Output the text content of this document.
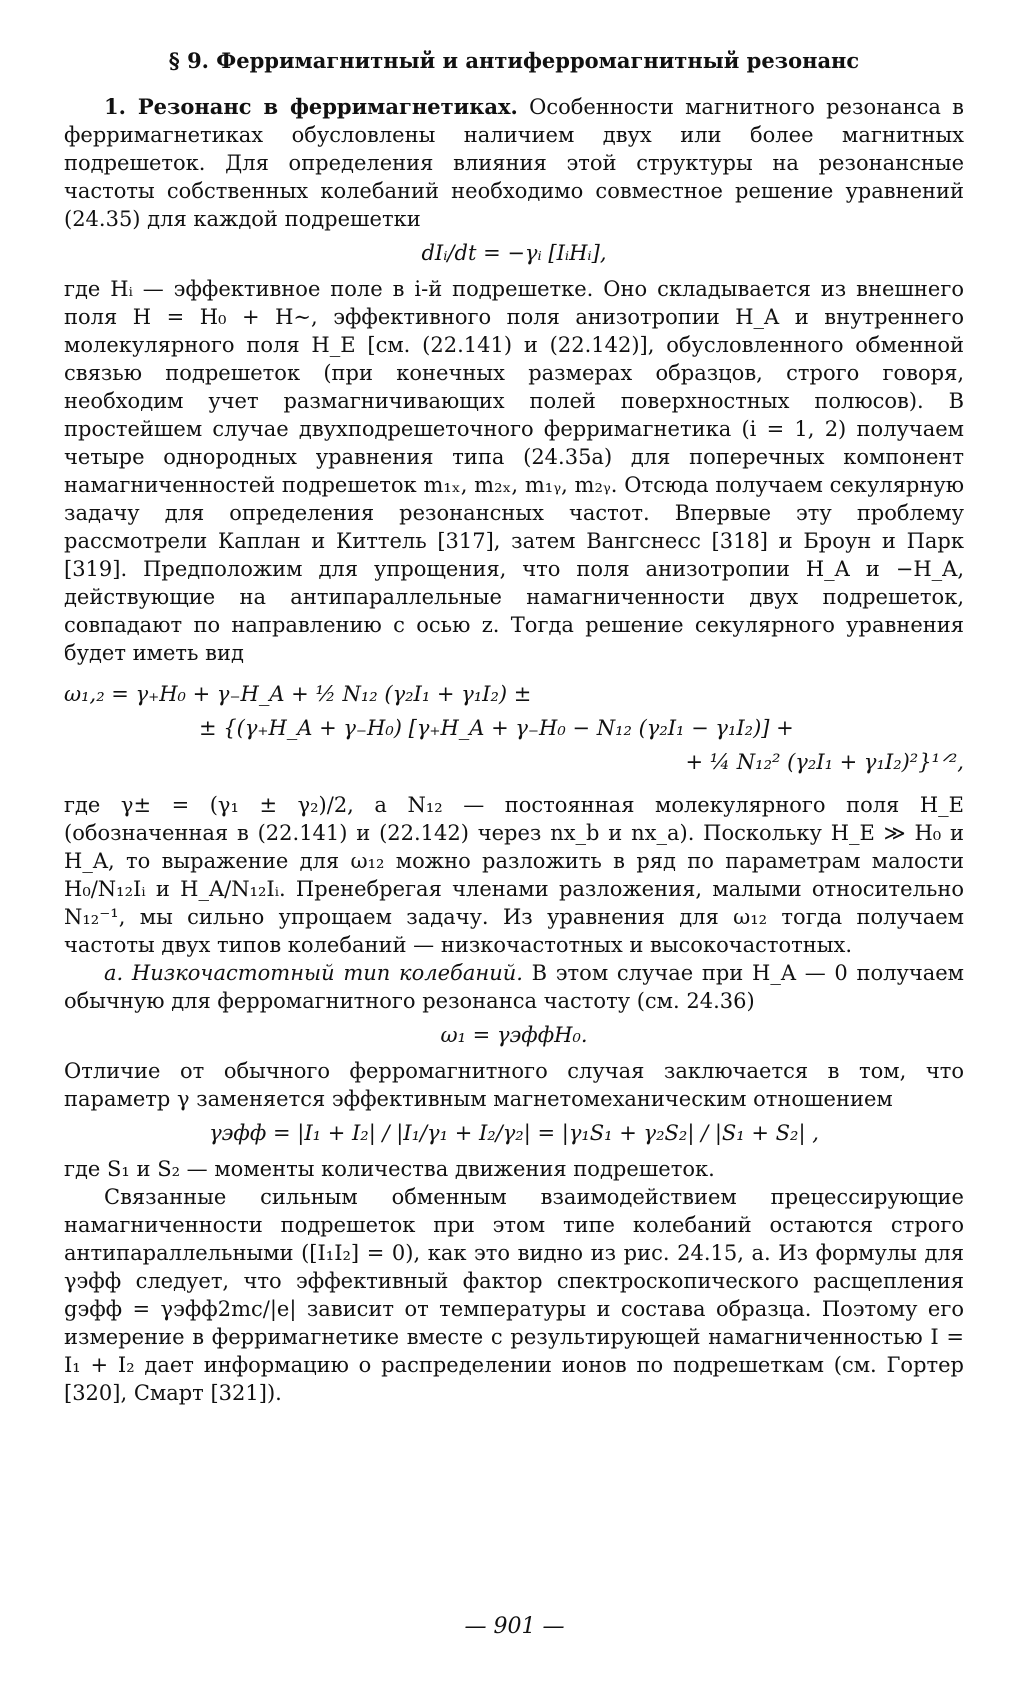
§ 9. Ферримагнитный и антиферромагнитный резонанс

1. Резонанс в ферримагнетиках. Особенности магнитного резонанса в ферримагнетиках обусловлены наличием двух или более магнитных подрешеток. Для определения влияния этой структуры на резонансные частоты собственных колебаний необходимо совместное решение уравнений (24.35) для каждой подрешетки

dIᵢ/dt = −γᵢ [IᵢHᵢ],

где Hᵢ — эффективное поле в i-й подрешетке. Оно складывается из внешнего поля H = H₀ + H∼, эффективного поля анизотропии H_A и внутреннего молекулярного поля H_E [см. (22.141) и (22.142)], обусловленного обменной связью подрешеток (при конечных размерах образцов, строго говоря, необходим учет размагничивающих полей поверхностных полюсов). В простейшем случае двухподрешеточного ферримагнетика (i = 1, 2) получаем четыре однородных уравнения типа (24.35а) для поперечных компонент намагниченностей подрешеток m₁ₓ, m₂ₓ, m₁ᵧ, m₂ᵧ. Отсюда получаем секулярную задачу для определения резонансных частот. Впервые эту проблему рассмотрели Каплан и Киттель [317], затем Вангснесс [318] и Броун и Парк [319]. Предположим для упрощения, что поля анизотропии H_A и −H_A, действующие на антипараллельные намагниченности двух подрешеток, совпадают по направлению с осью z. Тогда решение секулярного уравнения будет иметь вид

ω₁,₂ = γ₊H₀ + γ₋H_A + ½ N₁₂ (γ₂I₁ + γ₁I₂) ±
± {(γ₊H_A + γ₋H₀) [γ₊H_A + γ₋H₀ − N₁₂ (γ₂I₁ − γ₁I₂)] +
+ ¼ N₁₂² (γ₂I₁ + γ₁I₂)²}¹ᐟ²,

где γ± = (γ₁ ± γ₂)/2, а N₁₂ — постоянная молекулярного поля H_E (обозначенная в (22.141) и (22.142) через nx_b и nx_a). Поскольку H_E ≫ H₀ и H_A, то выражение для ω₁₂ можно разложить в ряд по параметрам малости H₀/N₁₂Iᵢ и H_A/N₁₂Iᵢ. Пренебрегая членами разложения, малыми относительно N₁₂⁻¹, мы сильно упрощаем задачу. Из уравнения для ω₁₂ тогда получаем частоты двух типов колебаний — низкочастотных и высокочастотных.

а. Низкочастотный тип колебаний. В этом случае при H_A — 0 получаем обычную для ферромагнитного резонанса частоту (см. 24.36)

ω₁ = γэффH₀.

Отличие от обычного ферромагнитного случая заключается в том, что параметр γ заменяется эффективным магнетомеханическим отношением

γэфф = |I₁ + I₂| / |I₁/γ₁ + I₂/γ₂| = |γ₁S₁ + γ₂S₂| / |S₁ + S₂| ,

где S₁ и S₂ — моменты количества движения подрешеток.

Связанные сильным обменным взаимодействием прецессирующие намагниченности подрешеток при этом типе колебаний остаются строго антипараллельными ([I₁I₂] = 0), как это видно из рис. 24.15, а. Из формулы для γэфф следует, что эффективный фактор спектроскопического расщепления gэфф = γэфф2mc/|e| зависит от температуры и состава образца. Поэтому его измерение в ферримагнетике вместе с результирующей намагниченностью I = I₁ + I₂ дает информацию о распределении ионов по подрешеткам (см. Гортер [320], Смарт [321]).

— 901 —
